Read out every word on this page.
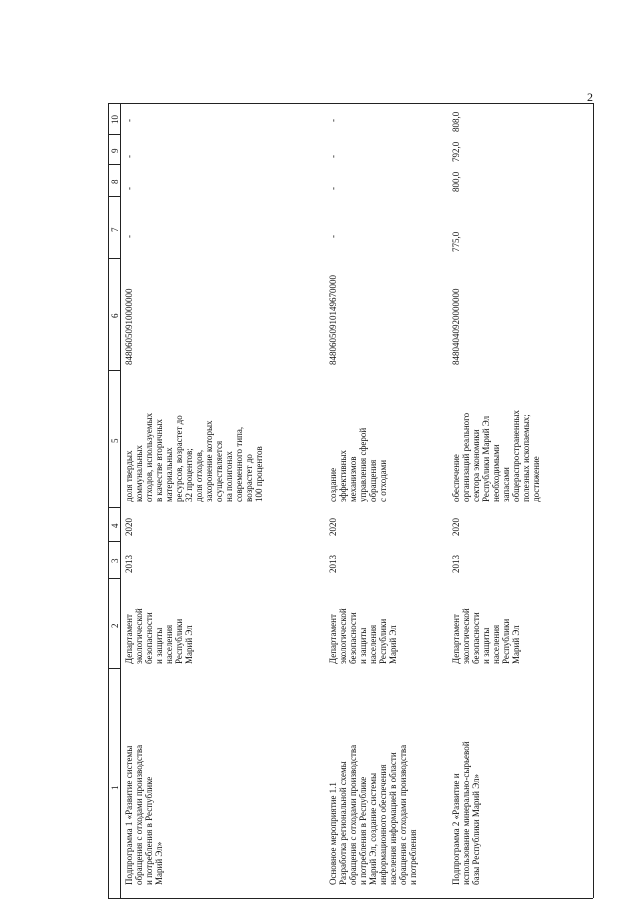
2
1
2
3
4
5
6
7
8
9
10
Подпрограмма 1 «Развитие системы обращения с отходами производства и потребления в Республике Марий Эл»
Департамент экологической безопасности и защиты населения Республики Марий Эл
2013
2020
доля твердых коммунальных отходов, используемых в качестве вторичных материальных ресурсов, возрастет до 32 процентов; доля отходов, захоронение которых осуществляется на полигонах современного типа, возрастет до 100 процентов
84806050910000000
-
-
-
-
Основное мероприятие 1.1 Разработка региональной схемы обращения с отходами производства и потребления в Республике Марий Эл, создание системы информационного обеспечения населения информацией в области обращения с отходами производства и потребления
Департамент экологической безопасности и защиты населения Республики Марий Эл
2013
2020
создание эффективных механизмов управления сферой обращения с отходами
84806050910149670000
-
-
-
-
Подпрограмма 2 «Развитие и использование минерально-сырьевой базы Республики Марий Эл»
Департамент экологической безопасности и защиты населения Республики Марий Эл
2013
2020
обеспечение организаций реального сектора экономики Республики Марий Эл необходимыми запасами общераспространенных полезных ископаемых; достижение
84804040920000000
775,0
800,0
792,0
808,0
